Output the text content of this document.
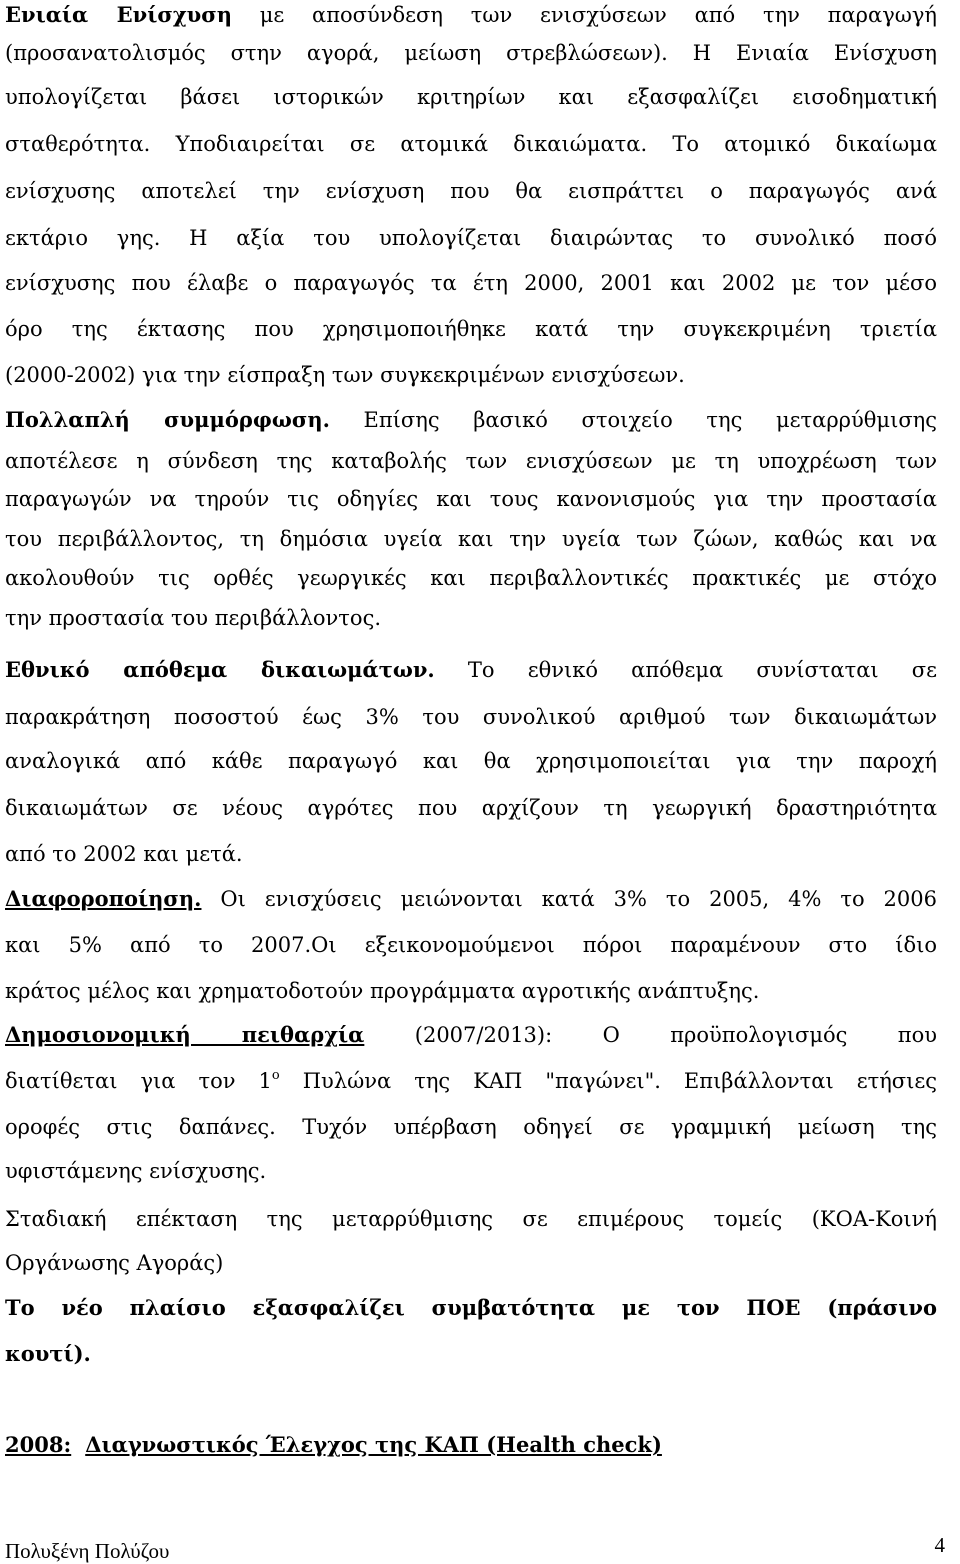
Ενιαία Ενίσχυση με αποσύνδεση των ενισχύσεων από την παραγωγή
(προσανατολισμός στην αγορά, μείωση στρεβλώσεων). Η Ενιαία Ενίσχυση
υπολογίζεται βάσει ιστορικών κριτηρίων και εξασφαλίζει εισοδηματική
σταθερότητα. Υποδιαιρείται σε ατομικά δικαιώματα. Το ατομικό δικαίωμα
ενίσχυσης αποτελεί την ενίσχυση που θα εισπράττει ο παραγωγός ανά
εκτάριο γης. Η αξία του υπολογίζεται διαιρώντας το συνολικό ποσό
ενίσχυσης που έλαβε ο παραγωγός τα έτη 2000, 2001 και 2002 με τον μέσο
όρο της έκτασης που χρησιμοποιήθηκε κατά την συγκεκριμένη τριετία
(2000-2002) για την είσπραξη των συγκεκριμένων ενισχύσεων.
Πολλαπλή συμμόρφωση. Επίσης βασικό στοιχείο της μεταρρύθμισης
αποτέλεσε η σύνδεση της καταβολής των ενισχύσεων με τη υποχρέωση των
παραγωγών να τηρούν τις οδηγίες και τους κανονισμούς για την προστασία
του περιβάλλοντος, τη δημόσια υγεία και την υγεία των ζώων, καθώς και να
ακολουθούν τις ορθές γεωργικές και περιβαλλοντικές πρακτικές με στόχο
την προστασία του περιβάλλοντος.
Εθνικό απόθεμα δικαιωμάτων. Το εθνικό απόθεμα συνίσταται σε
παρακράτηση ποσοστού έως 3% του συνολικού αριθμού των δικαιωμάτων
αναλογικά από κάθε παραγωγό και θα χρησιμοποιείται για την παροχή
δικαιωμάτων σε νέους αγρότες που αρχίζουν τη γεωργική δραστηριότητα
από το 2002 και μετά.
Διαφοροποίηση. Οι ενισχύσεις μειώνονται κατά 3% το 2005, 4% το 2006
και 5% από το 2007.Οι εξεικονομούμενοι πόροι παραμένουν στο ίδιο
κράτος μέλος και χρηματοδοτούν προγράμματα αγροτικής ανάπτυξης.
Δημοσιονομική πειθαρχία (2007/2013): Ο προϋπολογισμός που
διατίθεται για τον $1^o$ Πυλώνα της ΚΑΠ "παγώνει". Επιβάλλονται ετήσιες
οροφές στις δαπάνες. Τυχόν υπέρβαση οδηγεί σε γραμμική μείωση της
υφιστάμενης ενίσχυσης.
Σταδιακή επέκταση της μεταρρύθμισης σε επιμέρους τομείς (ΚΟΑ-Κοινή
Οργάνωσης Αγοράς)
Το νέο πλαίσιο εξασφαλίζει συμβατότητα με τον ΠΟΕ (πράσινο
κουτί).
2008: Διαγνωστικός Έλεγχος της ΚΑΠ (Health check)
Πολυξένη Πολύζου	4
